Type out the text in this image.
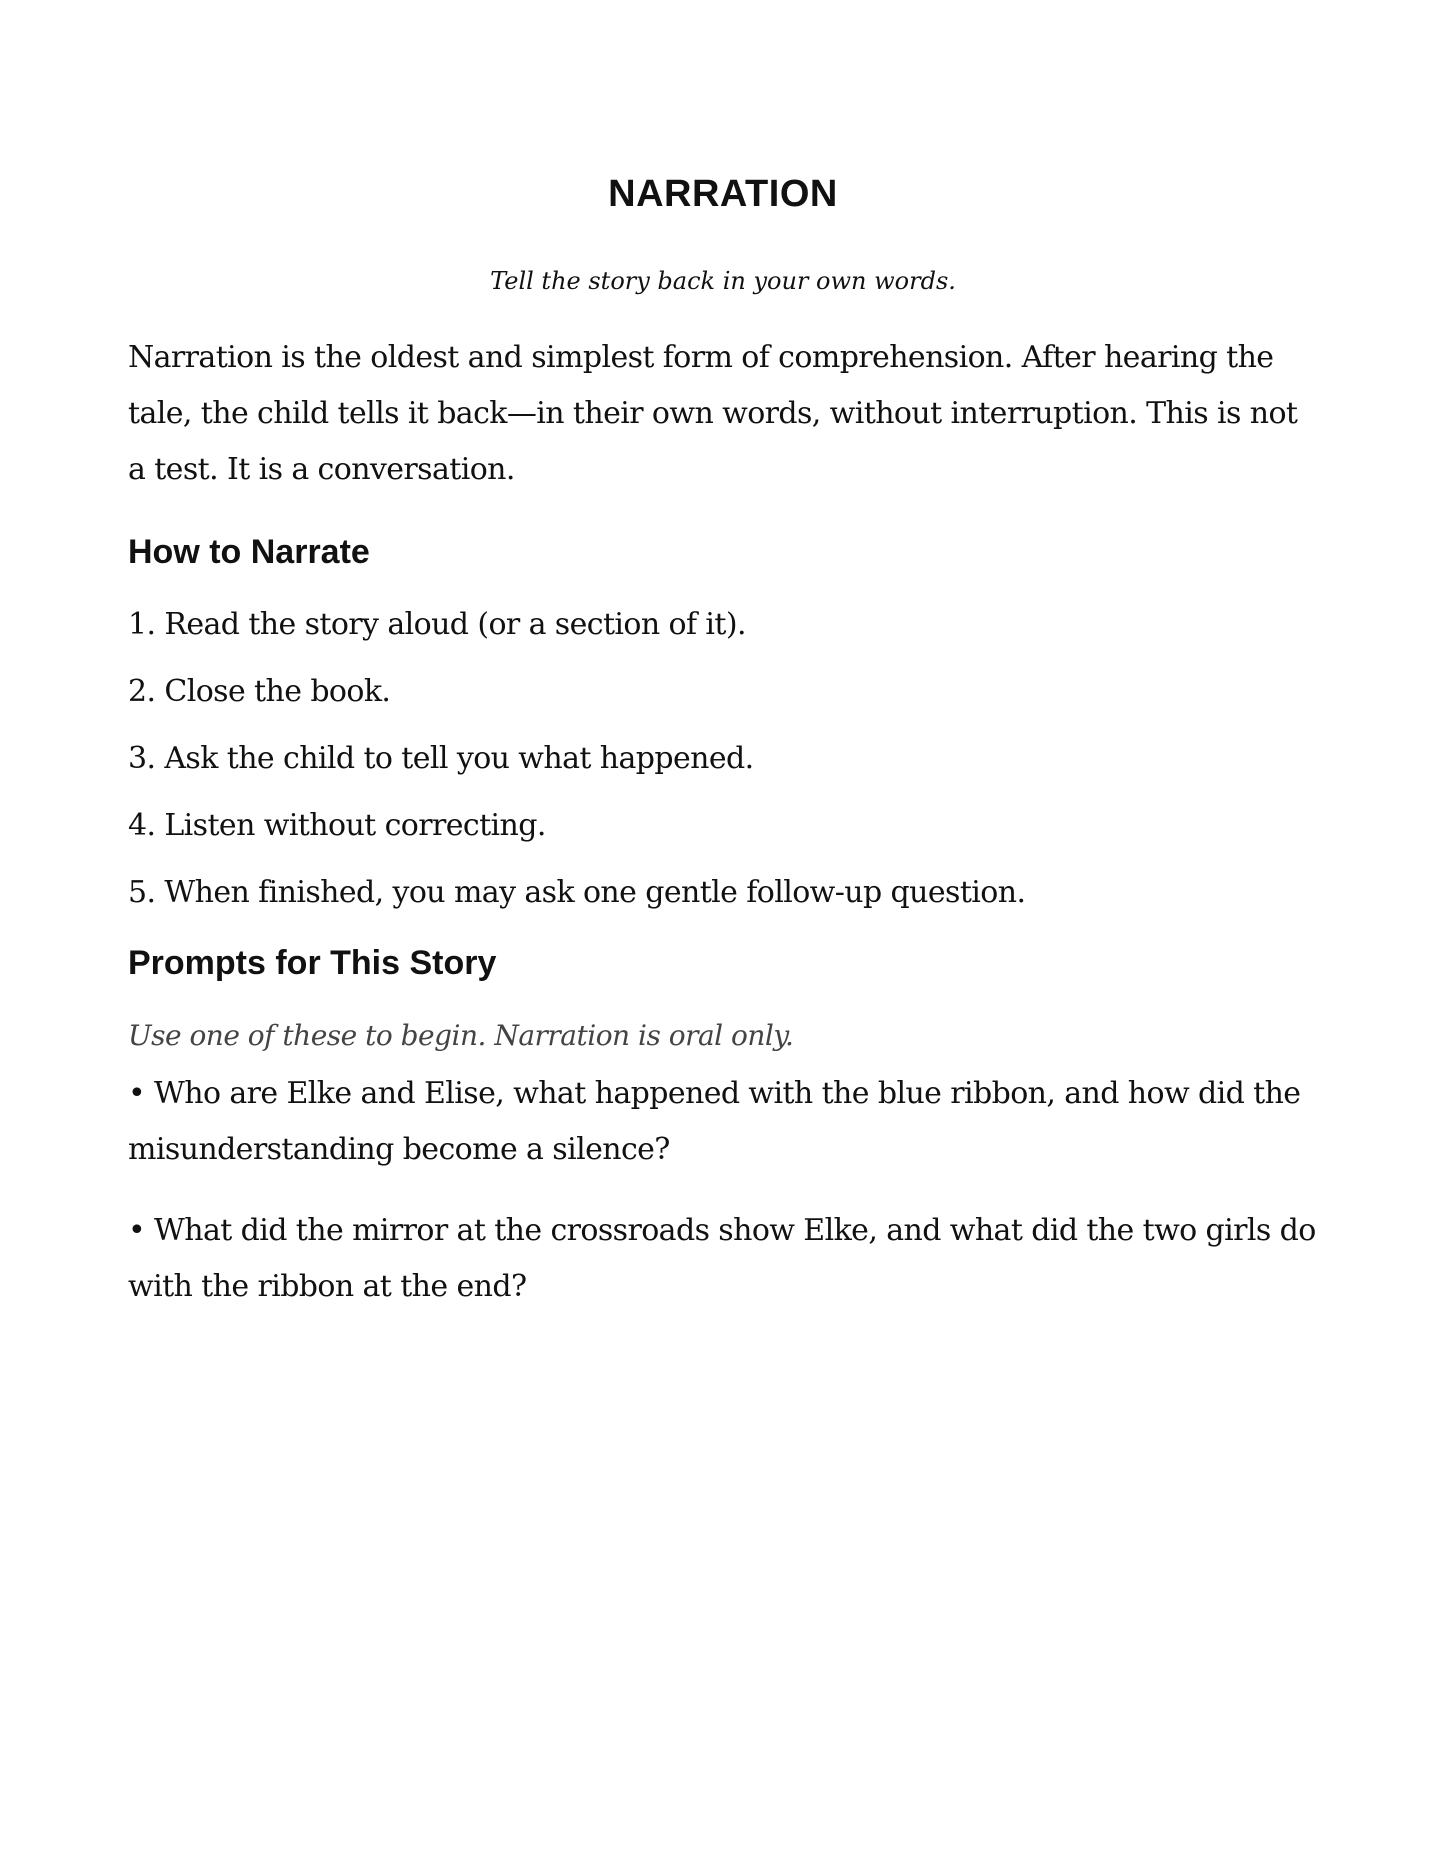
NARRATION

Tell the story back in your own words.

Narration is the oldest and simplest form of comprehension. After hearing the tale, the child tells it back—in their own words, without interruption. This is not a test. It is a conversation.

How to Narrate

1. Read the story aloud (or a section of it).

2. Close the book.

3. Ask the child to tell you what happened.

4. Listen without correcting.

5. When finished, you may ask one gentle follow-up question.

Prompts for This Story

Use one of these to begin. Narration is oral only.

• Who are Elke and Elise, what happened with the blue ribbon, and how did the misunderstanding become a silence?

• What did the mirror at the crossroads show Elke, and what did the two girls do with the ribbon at the end?
